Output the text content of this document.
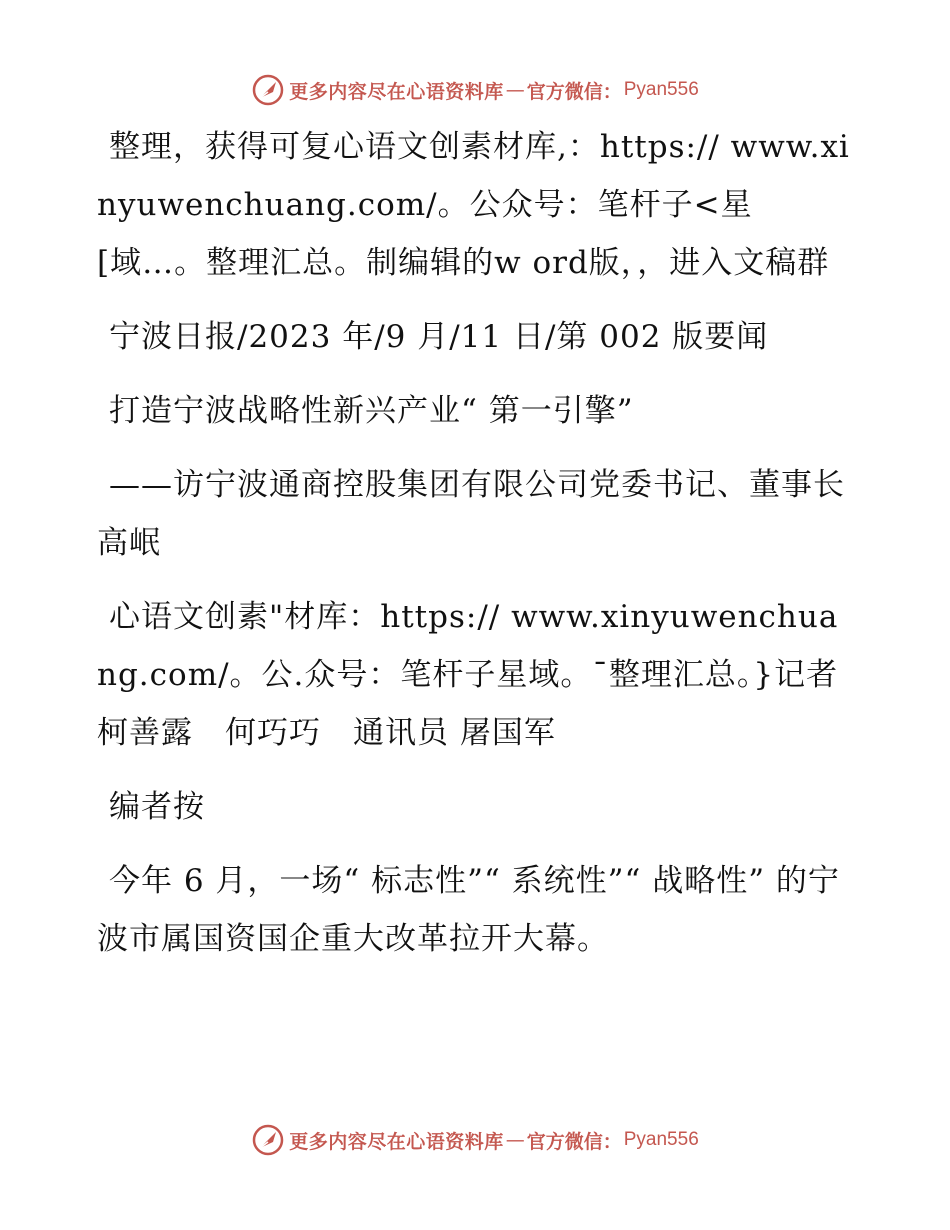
更多内容尽在心语资料库 — 官方微信： Pyan556

整理，获得可复心语文创素材库,：https:// www.xinyuwenchuang.com/。公众号：笔杆子<星 [域…。整理汇总。制编辑的w ord版，，进入文稿群

宁波日报/2023 年/9 月/11 日/第 002 版要闻

打造宁波战略性新兴产业“ 第一引擎”

——访宁波通商控股集团有限公司党委书记、董事长高岷

心语文创素"材库：https:// www.xinyuwenchuang.com/。公.众号：笔杆子星域。¯整理汇总。}记者　柯善露　何巧巧　通讯员 屠国军

编者按

今年 6 月，一场“ 标志性”“ 系统性”“ 战略性” 的宁波市属国资国企重大改革拉开大幕。

更多内容尽在心语资料库 — 官方微信： Pyan556
